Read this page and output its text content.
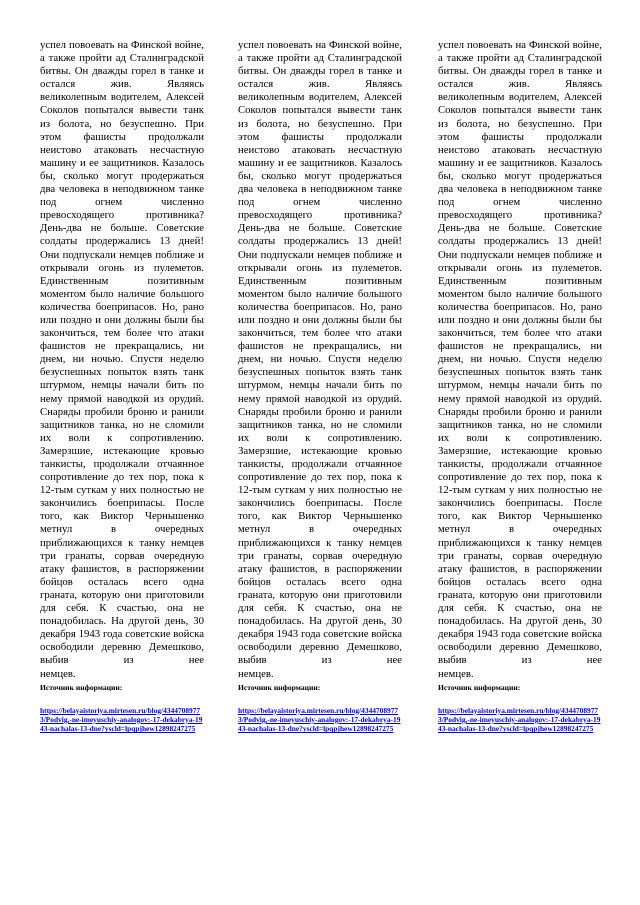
успел повоевать на Финской войне, а также пройти ад Сталинградской битвы. Он дважды горел в танке и остался жив. Являясь великолепным водителем, Алексей Соколов попытался вывести танк из болота, но безуспешно. При этом фашисты продолжали неистово атаковать несчастную машину и ее защитников. Казалось бы, сколько могут продержаться два человека в неподвижном танке под огнем численно превосходящего противника? День-два не больше. Советские солдаты продержались 13 дней! Они подпускали немцев поближе и открывали огонь из пулеметов. Единственным позитивным моментом было наличие большого количества боеприпасов. Но, рано или поздно и они должны были бы закончиться, тем более что атаки фашистов не прекращались, ни днем, ни ночью. Спустя неделю безуспешных попыток взять танк штурмом, немцы начали бить по нему прямой наводкой из орудий. Снаряды пробили броню и ранили защитников танка, но не сломили их воли к сопротивлению. Замерзшие, истекающие кровью танкисты, продолжали отчаянное сопротивление до тех пор, пока к 12-тым суткам у них полностью не закончились боеприпасы. После того, как Виктор Чернышенко метнул в очередных приближающихся к танку немцев три гранаты, сорвав очередную атаку фашистов, в распоряжении бойцов осталась всего одна граната, которую они приготовили для себя. К счастью, она не понадобилась. На другой день, 30 декабря 1943 года советские войска освободили деревню Демешково, выбив из нее
немцев.

Источник информации:
https://belayaistoriya.mirtesen.ru/blog/43447089773/Podvig,-ne-imeyuschiy-analogov:-17-dekabrya-1943-nachalas-13-dne?yscld=lpqpjhew12898247275

успел повоевать на Финской войне, а также пройти ад Сталинградской битвы. Он дважды горел в танке и остался жив. Являясь великолепным водителем, Алексей Соколов попытался вывести танк из болота, но безуспешно. При этом фашисты продолжали неистово атаковать несчастную машину и ее защитников. Казалось бы, сколько могут продержаться два человека в неподвижном танке под огнем численно превосходящего противника? День-два не больше. Советские солдаты продержались 13 дней! Они подпускали немцев поближе и открывали огонь из пулеметов. Единственным позитивным моментом было наличие большого количества боеприпасов. Но, рано или поздно и они должны были бы закончиться, тем более что атаки фашистов не прекращались, ни днем, ни ночью. Спустя неделю безуспешных попыток взять танк штурмом, немцы начали бить по нему прямой наводкой из орудий. Снаряды пробили броню и ранили защитников танка, но не сломили их воли к сопротивлению. Замерзшие, истекающие кровью танкисты, продолжали отчаянное сопротивление до тех пор, пока к 12-тым суткам у них полностью не закончились боеприпасы. После того, как Виктор Чернышенко метнул в очередных приближающихся к танку немцев три гранаты, сорвав очередную атаку фашистов, в распоряжении бойцов осталась всего одна граната, которую они приготовили для себя. К счастью, она не понадобилась. На другой день, 30 декабря 1943 года советские войска освободили деревню Демешково, выбив из нее
немцев.

Источник информации:
https://belayaistoriya.mirtesen.ru/blog/43447089773/Podvig,-ne-imeyuschiy-analogov:-17-dekabrya-1943-nachalas-13-dne?yscld=lpqpjhew12898247275

успел повоевать на Финской войне, а также пройти ад Сталинградской битвы. Он дважды горел в танке и остался жив. Являясь великолепным водителем, Алексей Соколов попытался вывести танк из болота, но безуспешно. При этом фашисты продолжали неистово атаковать несчастную машину и ее защитников. Казалось бы, сколько могут продержаться два человека в неподвижном танке под огнем численно превосходящего противника? День-два не больше. Советские солдаты продержались 13 дней! Они подпускали немцев поближе и открывали огонь из пулеметов. Единственным позитивным моментом было наличие большого количества боеприпасов. Но, рано или поздно и они должны были бы закончиться, тем более что атаки фашистов не прекращались, ни днем, ни ночью. Спустя неделю безуспешных попыток взять танк штурмом, немцы начали бить по нему прямой наводкой из орудий. Снаряды пробили броню и ранили защитников танка, но не сломили их воли к сопротивлению. Замерзшие, истекающие кровью танкисты, продолжали отчаянное сопротивление до тех пор, пока к 12-тым суткам у них полностью не закончились боеприпасы. После того, как Виктор Чернышенко метнул в очередных приближающихся к танку немцев три гранаты, сорвав очередную атаку фашистов, в распоряжении бойцов осталась всего одна граната, которую они приготовили для себя. К счастью, она не понадобилась. На другой день, 30 декабря 1943 года советские войска освободили деревню Демешково, выбив из нее
немцев.

Источник информации:
https://belayaistoriya.mirtesen.ru/blog/43447089773/Podvig,-ne-imeyuschiy-analogov:-17-dekabrya-1943-nachalas-13-dne?yscld=lpqpjhew12898247275
